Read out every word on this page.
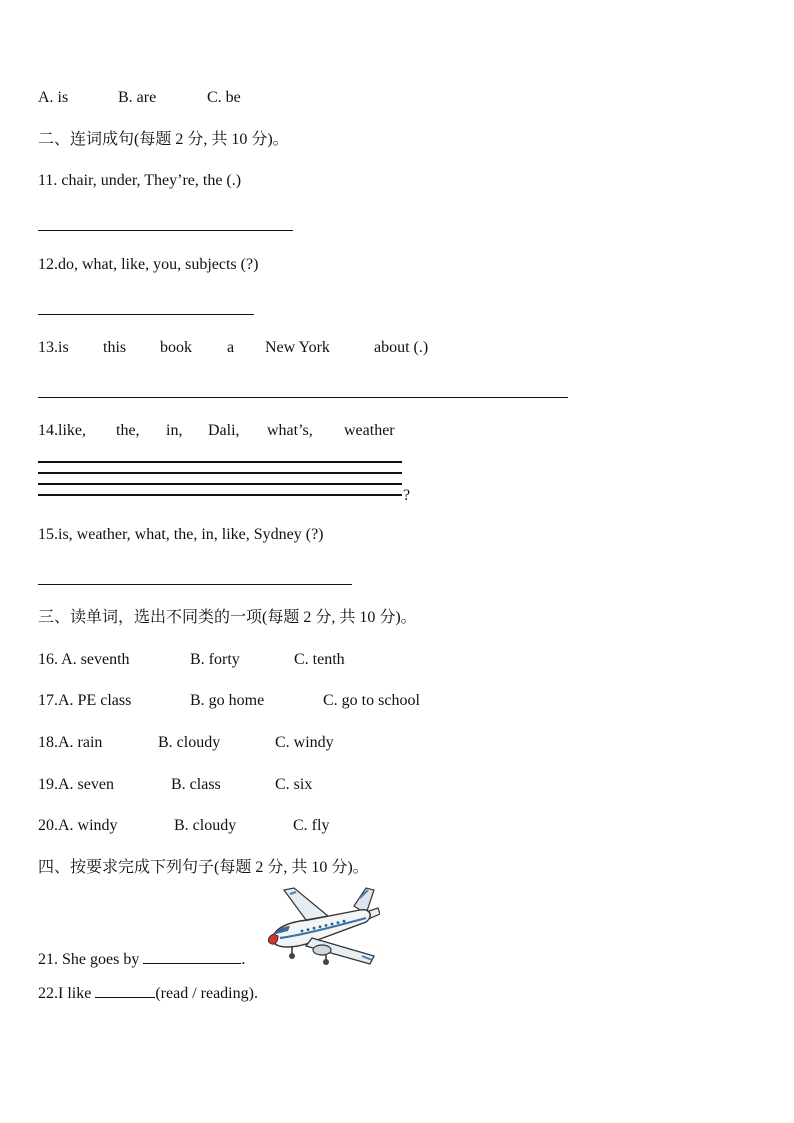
A. is	B. are	C. be
二、连词成句(每题 2 分, 共 10 分)。
11. chair, under, They’re, the (.)
12.do, what, like, you, subjects (?)
13.is this book a New York	about (.)
14.like, the, in, Dali, what’s, weather
?
15.is, weather, what, the, in, like, Sydney (?)
三、读单词，选出不同类的一项(每题 2 分, 共 10 分)。
16. A. seventh	B. forty	C. tenth
17.A. PE class	B. go home	C. go to school
18.A. rain	B. cloudy	C. windy
19.A. seven	B. class	C. six
20.A. windy	B. cloudy	C. fly
四、按要求完成下列句子(每题 2 分, 共 10 分)。
21. She goes by	.
22.I like	(read / reading).
